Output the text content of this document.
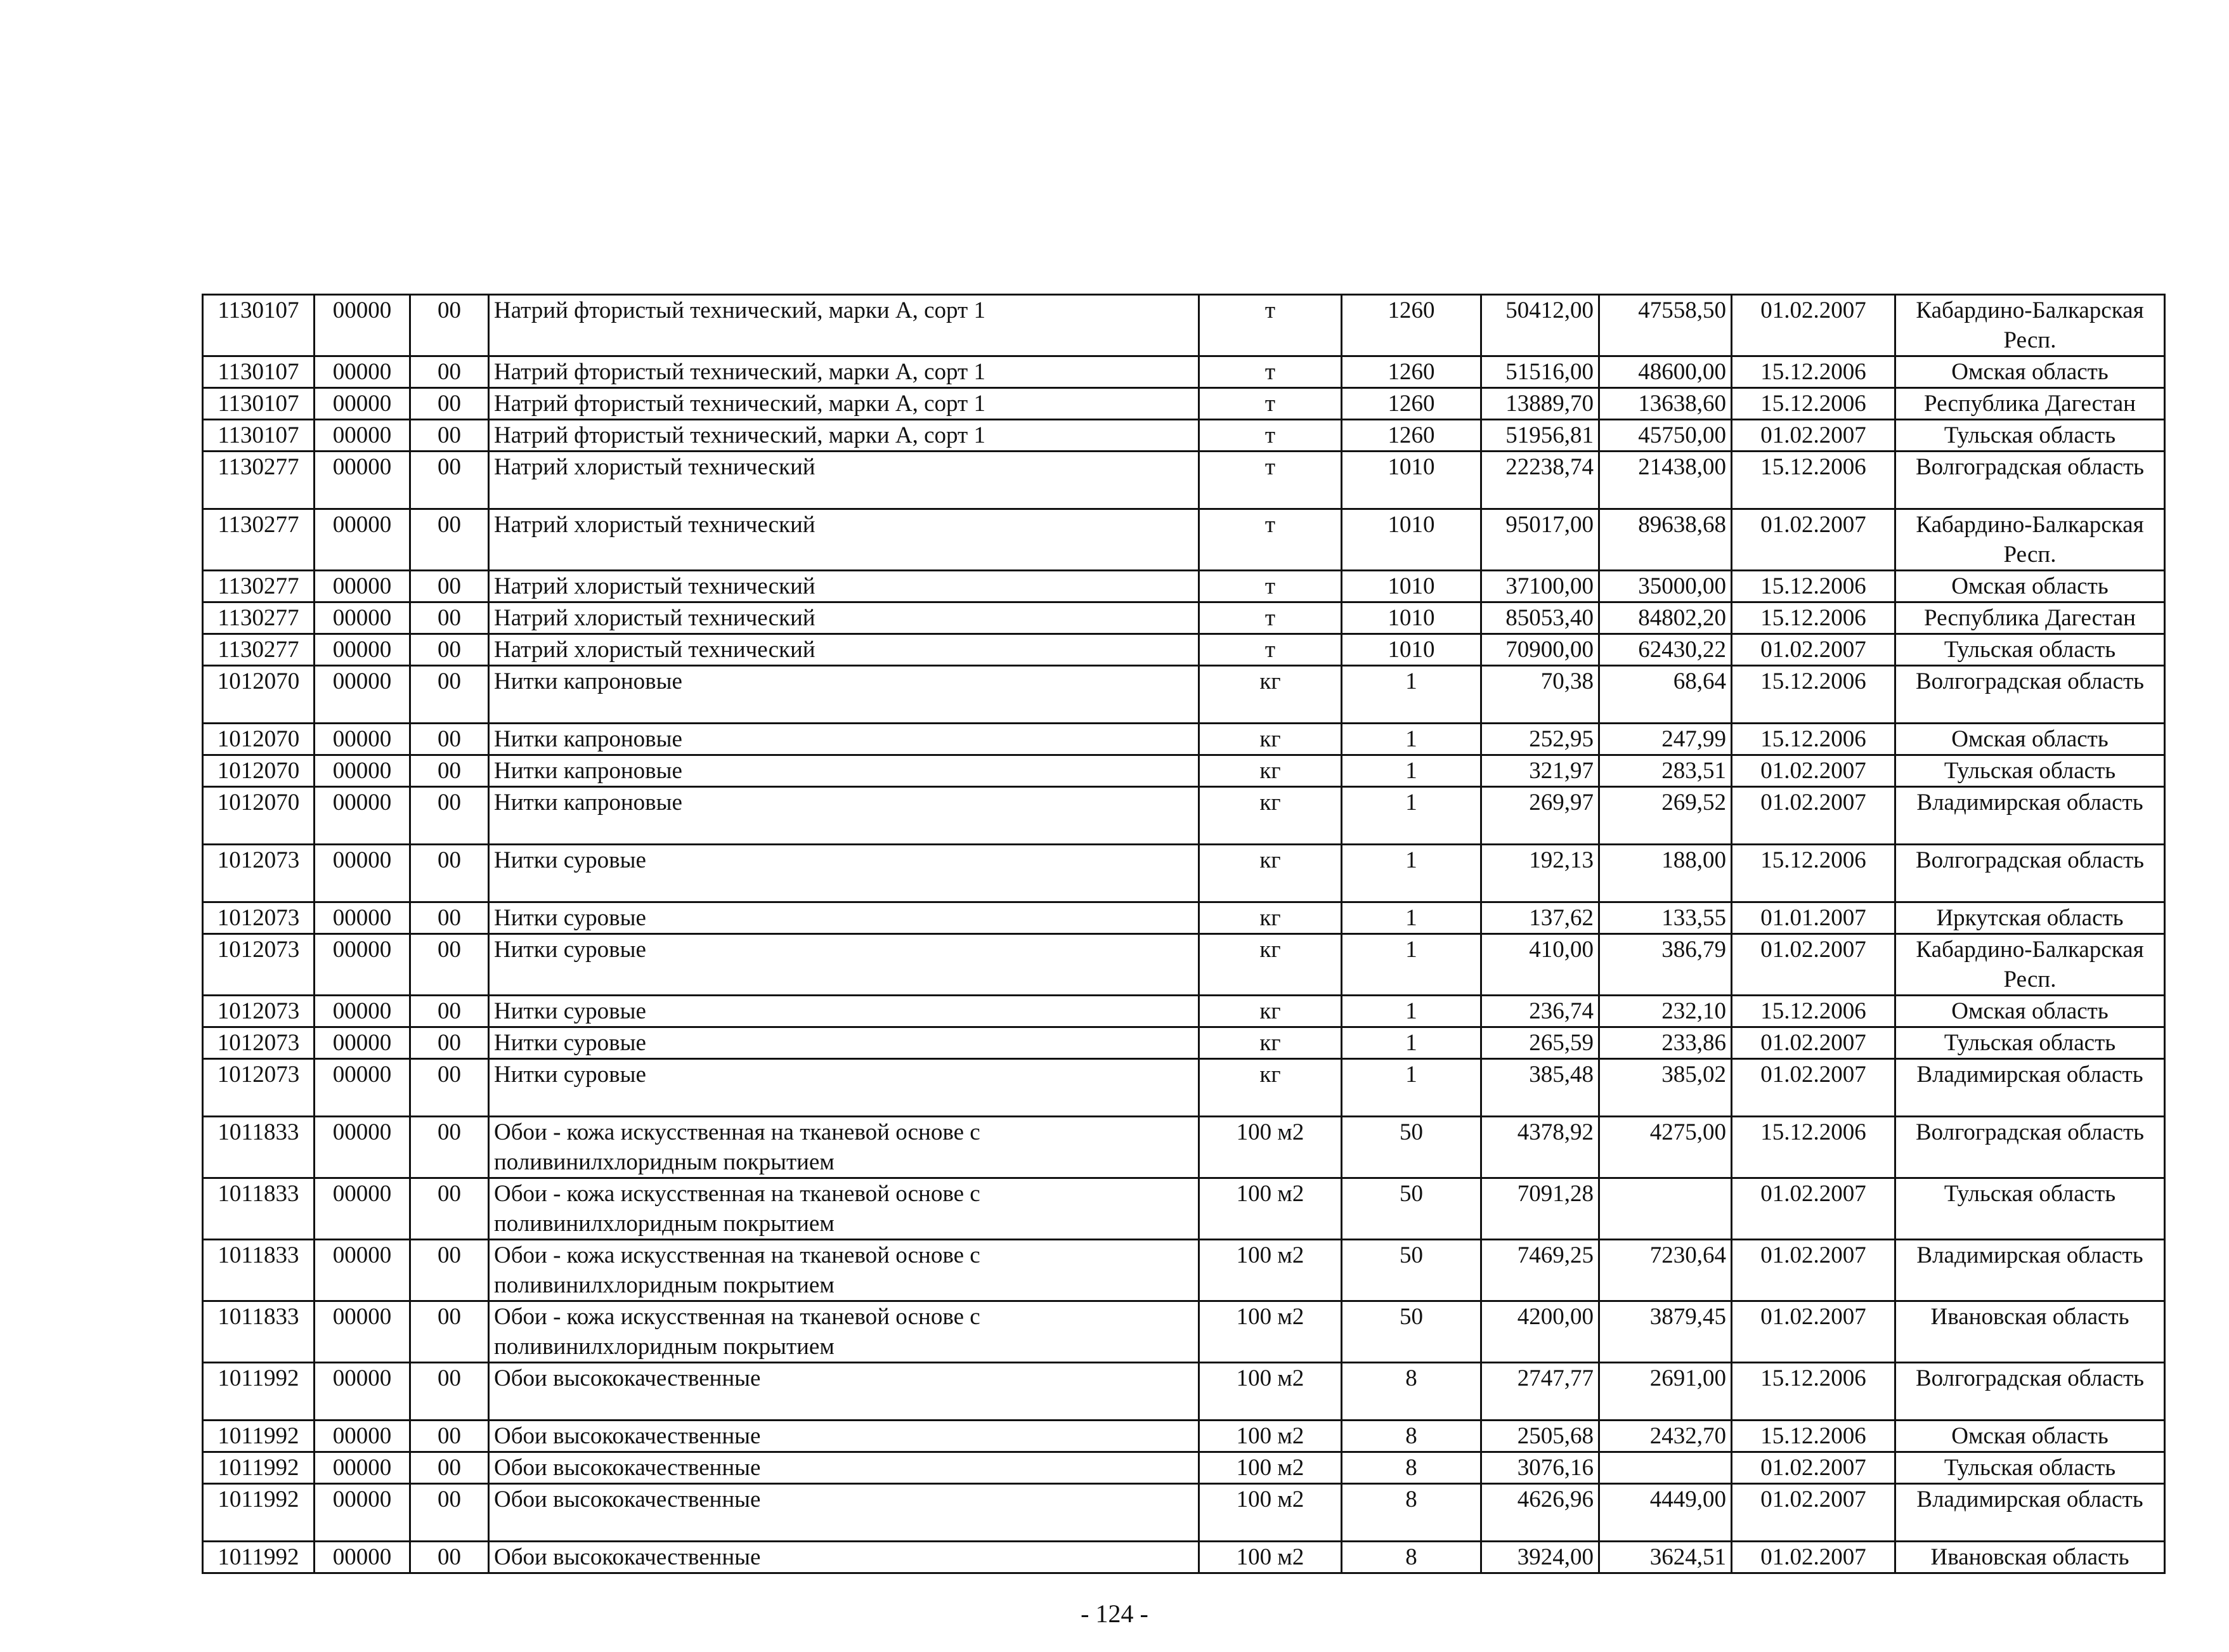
1130107	00000	00	Натрий фтористый технический, марки А, сорт 1	т	1260	50412,00	47558,50	01.02.2007	Кабардино-Балкарская Респ.
1130107	00000	00	Натрий фтористый технический, марки А, сорт 1	т	1260	51516,00	48600,00	15.12.2006	Омская область
1130107	00000	00	Натрий фтористый технический, марки А, сорт 1	т	1260	13889,70	13638,60	15.12.2006	Республика Дагестан
1130107	00000	00	Натрий фтористый технический, марки А, сорт 1	т	1260	51956,81	45750,00	01.02.2007	Тульская область
1130277	00000	00	Натрий хлористый технический	т	1010	22238,74	21438,00	15.12.2006	Волгоградская область
1130277	00000	00	Натрий хлористый технический	т	1010	95017,00	89638,68	01.02.2007	Кабардино-Балкарская Респ.
1130277	00000	00	Натрий хлористый технический	т	1010	37100,00	35000,00	15.12.2006	Омская область
1130277	00000	00	Натрий хлористый технический	т	1010	85053,40	84802,20	15.12.2006	Республика Дагестан
1130277	00000	00	Натрий хлористый технический	т	1010	70900,00	62430,22	01.02.2007	Тульская область
1012070	00000	00	Нитки капроновые	кг	1	70,38	68,64	15.12.2006	Волгоградская область
1012070	00000	00	Нитки капроновые	кг	1	252,95	247,99	15.12.2006	Омская область
1012070	00000	00	Нитки капроновые	кг	1	321,97	283,51	01.02.2007	Тульская область
1012070	00000	00	Нитки капроновые	кг	1	269,97	269,52	01.02.2007	Владимирская область
1012073	00000	00	Нитки суровые	кг	1	192,13	188,00	15.12.2006	Волгоградская область
1012073	00000	00	Нитки суровые	кг	1	137,62	133,55	01.01.2007	Иркутская область
1012073	00000	00	Нитки суровые	кг	1	410,00	386,79	01.02.2007	Кабардино-Балкарская Респ.
1012073	00000	00	Нитки суровые	кг	1	236,74	232,10	15.12.2006	Омская область
1012073	00000	00	Нитки суровые	кг	1	265,59	233,86	01.02.2007	Тульская область
1012073	00000	00	Нитки суровые	кг	1	385,48	385,02	01.02.2007	Владимирская область
1011833	00000	00	Обои - кожа искусственная на тканевой основе с поливинилхлоридным покрытием	100 м2	50	4378,92	4275,00	15.12.2006	Волгоградская область
1011833	00000	00	Обои - кожа искусственная на тканевой основе с поливинилхлоридным покрытием	100 м2	50	7091,28		01.02.2007	Тульская область
1011833	00000	00	Обои - кожа искусственная на тканевой основе с поливинилхлоридным покрытием	100 м2	50	7469,25	7230,64	01.02.2007	Владимирская область
1011833	00000	00	Обои - кожа искусственная на тканевой основе с поливинилхлоридным покрытием	100 м2	50	4200,00	3879,45	01.02.2007	Ивановская область
1011992	00000	00	Обои высококачественные	100 м2	8	2747,77	2691,00	15.12.2006	Волгоградская область
1011992	00000	00	Обои высококачественные	100 м2	8	2505,68	2432,70	15.12.2006	Омская область
1011992	00000	00	Обои высококачественные	100 м2	8	3076,16		01.02.2007	Тульская область
1011992	00000	00	Обои высококачественные	100 м2	8	4626,96	4449,00	01.02.2007	Владимирская область
1011992	00000	00	Обои высококачественные	100 м2	8	3924,00	3624,51	01.02.2007	Ивановская область
- 124 -
